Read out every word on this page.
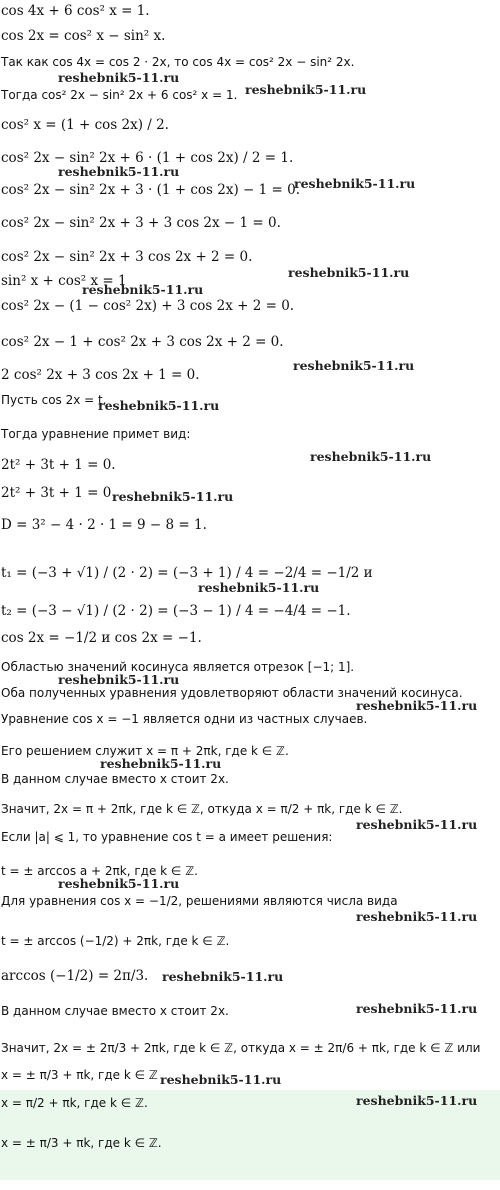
cos 4x + 6 cos² x = 1.
cos 2x = cos² x − sin² x.
Так как cos 4x = cos 2 · 2x, то cos 4x = cos² 2x − sin² 2x.
Тогда cos² 2x − sin² 2x + 6 cos² x = 1.
cos² x = (1 + cos 2x) / 2.
cos² 2x − sin² 2x + 6 · (1 + cos 2x) / 2 = 1.
cos² 2x − sin² 2x + 3 · (1 + cos 2x) − 1 = 0.
cos² 2x − sin² 2x + 3 + 3 cos 2x − 1 = 0.
cos² 2x − sin² 2x + 3 cos 2x + 2 = 0.
sin² x + cos² x = 1
cos² 2x − (1 − cos² 2x) + 3 cos 2x + 2 = 0.
cos² 2x − 1 + cos² 2x + 3 cos 2x + 2 = 0.
2 cos² 2x + 3 cos 2x + 1 = 0.
Пусть cos 2x = t.
Тогда уравнение примет вид:
2t² + 3t + 1 = 0.
2t² + 3t + 1 = 0
D = 3² − 4 · 2 · 1 = 9 − 8 = 1.
t₁ = (−3 + √1) / (2 · 2) = (−3 + 1) / 4 = −2/4 = −1/2 и
t₂ = (−3 − √1) / (2 · 2) = (−3 − 1) / 4 = −4/4 = −1.
cos 2x = −1/2 и cos 2x = −1.
Областью значений косинуса является отрезок [−1; 1].
Оба полученных уравнения удовлетворяют области значений косинуса.
Уравнение cos x = −1 является одни из частных случаев.
Его решением служит x = π + 2πk, где k ∈ ℤ.
В данном случае вместо x стоит 2x.
Значит, 2x = π + 2πk, где k ∈ ℤ, откуда x = π/2 + πk, где k ∈ ℤ.
Если |a| ⩽ 1, то уравнение cos t = a имеет решения:
t = ± arccos a + 2πk, где k ∈ ℤ.
Для уравнения cos x = −1/2, решениями являются числа вида
t = ± arccos (−1/2) + 2πk, где k ∈ ℤ.
arccos (−1/2) = 2π/3.
В данном случае вместо x стоит 2x.
Значит, 2x = ± 2π/3 + 2πk, где k ∈ ℤ, откуда x = ± 2π/6 + πk, где k ∈ ℤ или
x = ± π/3 + πk, где k ∈ ℤ
x = π/2 + πk, где k ∈ ℤ.
x = ± π/3 + πk, где k ∈ ℤ.
reshebnik5-11.ru
reshebnik5-11.ru
reshebnik5-11.ru
reshebnik5-11.ru
reshebnik5-11.ru
reshebnik5-11.ru
reshebnik5-11.ru
reshebnik5-11.ru
reshebnik5-11.ru
reshebnik5-11.ru
reshebnik5-11.ru
reshebnik5-11.ru
reshebnik5-11.ru
reshebnik5-11.ru
reshebnik5-11.ru
reshebnik5-11.ru
reshebnik5-11.ru
reshebnik5-11.ru
reshebnik5-11.ru
reshebnik5-11.ru
reshebnik5-11.ru
